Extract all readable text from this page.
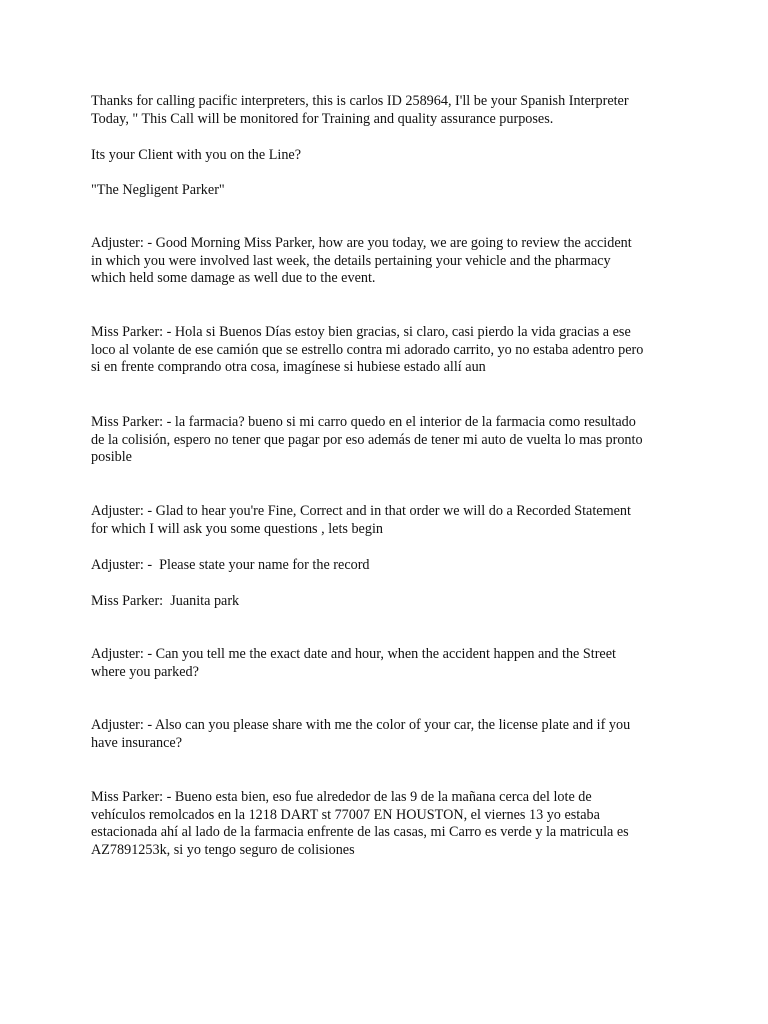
Thanks for calling pacific interpreters, this is carlos ID 258964, I'll be your Spanish Interpreter
Today, " This Call will be monitored for Training and quality assurance purposes.

Its your Client with you on the Line?

"The Negligent Parker"

Adjuster: - Good Morning Miss Parker, how are you today, we are going to review the accident
in which you were involved last week, the details pertaining your vehicle and the pharmacy
which held some damage as well due to the event.

Miss Parker: - Hola si Buenos Días estoy bien gracias, si claro, casi pierdo la vida gracias a ese
loco al volante de ese camión que se estrello contra mi adorado carrito, yo no estaba adentro pero
si en frente comprando otra cosa, imagínese si hubiese estado allí aun

Miss Parker: - la farmacia? bueno si mi carro quedo en el interior de la farmacia como resultado
de la colisión, espero no tener que pagar por eso además de tener mi auto de vuelta lo mas pronto
posible

Adjuster: - Glad to hear you're Fine, Correct and in that order we will do a Recorded Statement
for which I will ask you some questions , lets begin

Adjuster: -  Please state your name for the record

Miss Parker:  Juanita park

Adjuster: - Can you tell me the exact date and hour, when the accident happen and the Street
where you parked?

Adjuster: - Also can you please share with me the color of your car, the license plate and if you
have insurance?

Miss Parker: - Bueno esta bien, eso fue alrededor de las 9 de la mañana cerca del lote de
vehículos remolcados en la 1218 DART st 77007 EN HOUSTON, el viernes 13 yo estaba
estacionada ahí al lado de la farmacia enfrente de las casas, mi Carro es verde y la matricula es
AZ7891253k, si yo tengo seguro de colisiones
